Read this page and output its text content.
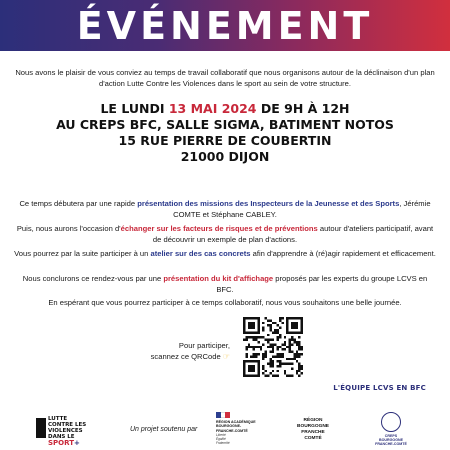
ÉVÉNEMENT
Nous avons le plaisir de vous conviez au temps de travail collaboratif que nous organisons autour de la déclinaison d'un plan d'action Lutte Contre les Violences dans le sport au sein de votre structure.
LE LUNDI 13 MAI 2024 DE 9H À 12H
AU CREPS BFC, SALLE SIGMA, BATIMENT NOTOS
15 RUE PIERRE DE COUBERTIN
21000 DIJON
Ce temps débutera par une rapide présentation des missions des Inspecteurs de la Jeunesse et des Sports, Jérémie COMTE et Stéphane CABLEY.
Puis, nous aurons l'occasion d'échanger sur les facteurs de risques et de préventions autour d'ateliers participatif, avant de découvrir un exemple de plan d'actions.
Vous pourrez par la suite participer à un atelier sur des cas concrets afin d'apprendre à (ré)agir rapidement et efficacement.
Nous conclurons ce rendez-vous par une présentation du kit d'affichage proposés par les experts du groupe LCVS en BFC.
En espérant que vous pourrez participer à ce temps collaboratif, nous vous souhaitons une belle journée.
Pour participer,
scannez ce QRCode ☞
L'ÉQUIPE LCVS EN BFC
LUTTE
CONTRE LES VIOLENCES
DANS LE SPORT+
Un projet soutenu par
RÉGION ACADÉMIQUE
BOURGOGNE-
FRANCHE-COMTÉ
Liberté
Égalité
Fraternité
RÉGION
BOURGOGNE
FRANCHE
COMTÉ	CREPS
BOURGOGNE
FRANCHE-COMTÉ
